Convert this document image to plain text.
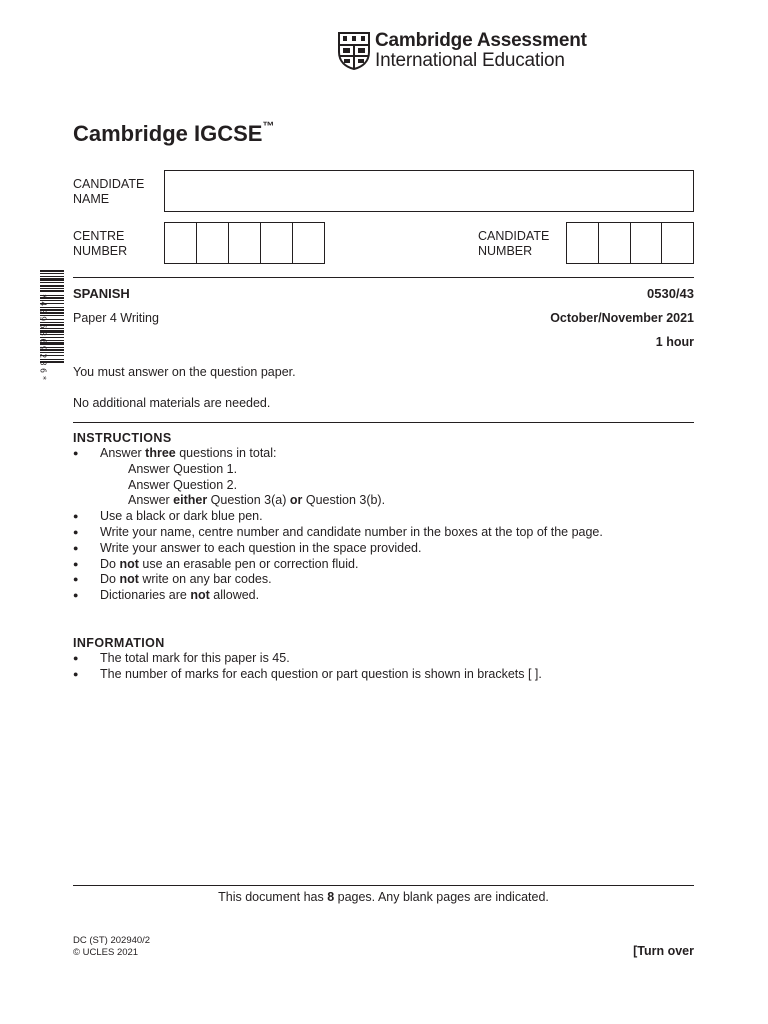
Cambridge Assessment
International Education
Cambridge IGCSE™
CANDIDATE
NAME
CENTRE
NUMBER
CANDIDATE
NUMBER
*4096369286*
SPANISH	0530/43
Paper 4 Writing	October/November 2021
1 hour
You must answer on the question paper.
No additional materials are needed.
INSTRUCTIONS
● Answer three questions in total:
Answer Question 1.
Answer Question 2.
Answer either Question 3(a) or Question 3(b).
● Use a black or dark blue pen.
● Write your name, centre number and candidate number in the boxes at the top of the page.
● Write your answer to each question in the space provided.
● Do not use an erasable pen or correction fluid.
● Do not write on any bar codes.
● Dictionaries are not allowed.
INFORMATION
● The total mark for this paper is 45.
● The number of marks for each question or part question is shown in brackets [ ].
This document has 8 pages. Any blank pages are indicated.
DC (ST) 202940/2
© UCLES 2021	[Turn over
